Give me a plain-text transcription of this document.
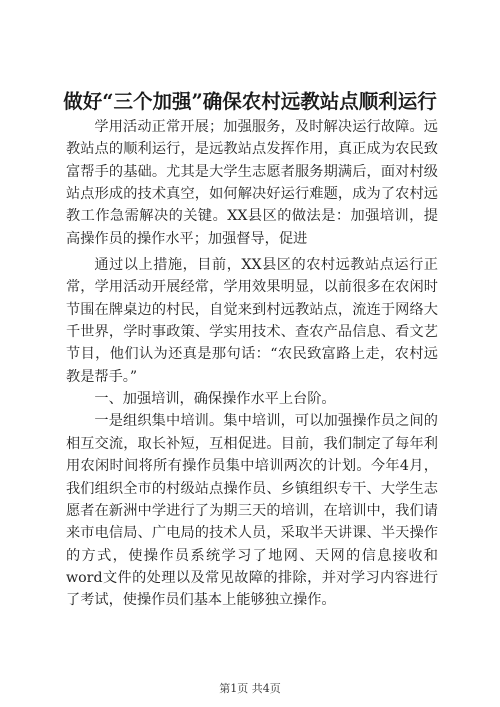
做好“三个加强”确保农村远教站点顺利运行

学用活动正常开展；加强服务，及时解决运行故障。远教站点的顺利运行，是远教站点发挥作用，真正成为农民致富帮手的基础。尤其是大学生志愿者服务期满后，面对村级站点形成的技术真空，如何解决好运行难题，成为了农村远教工作急需解决的关键。XX县区的做法是：加强培训，提高操作员的操作水平；加强督导，促进

通过以上措施，目前，XX县区的农村远教站点运行正常，学用活动开展经常，学用效果明显，以前很多在农闲时节围在牌桌边的村民，自觉来到村远教站点，流连于网络大千世界，学时事政策、学实用技术、查农产品信息、看文艺节目，他们认为还真是那句话：“农民致富路上走，农村远教是帮手。”

一、加强培训，确保操作水平上台阶。

一是组织集中培训。集中培训，可以加强操作员之间的相互交流，取长补短，互相促进。目前，我们制定了每年利用农闲时间将所有操作员集中培训两次的计划。今年4月，我们组织全市的村级站点操作员、乡镇组织专干、大学生志愿者在新洲中学进行了为期三天的培训，在培训中，我们请来市电信局、广电局的技术人员，采取半天讲课、半天操作的方式，使操作员系统学习了地网、天网的信息接收和word文件的处理以及常见故障的排除，并对学习内容进行了考试，使操作员们基本上能够独立操作。

第1页 共4页
